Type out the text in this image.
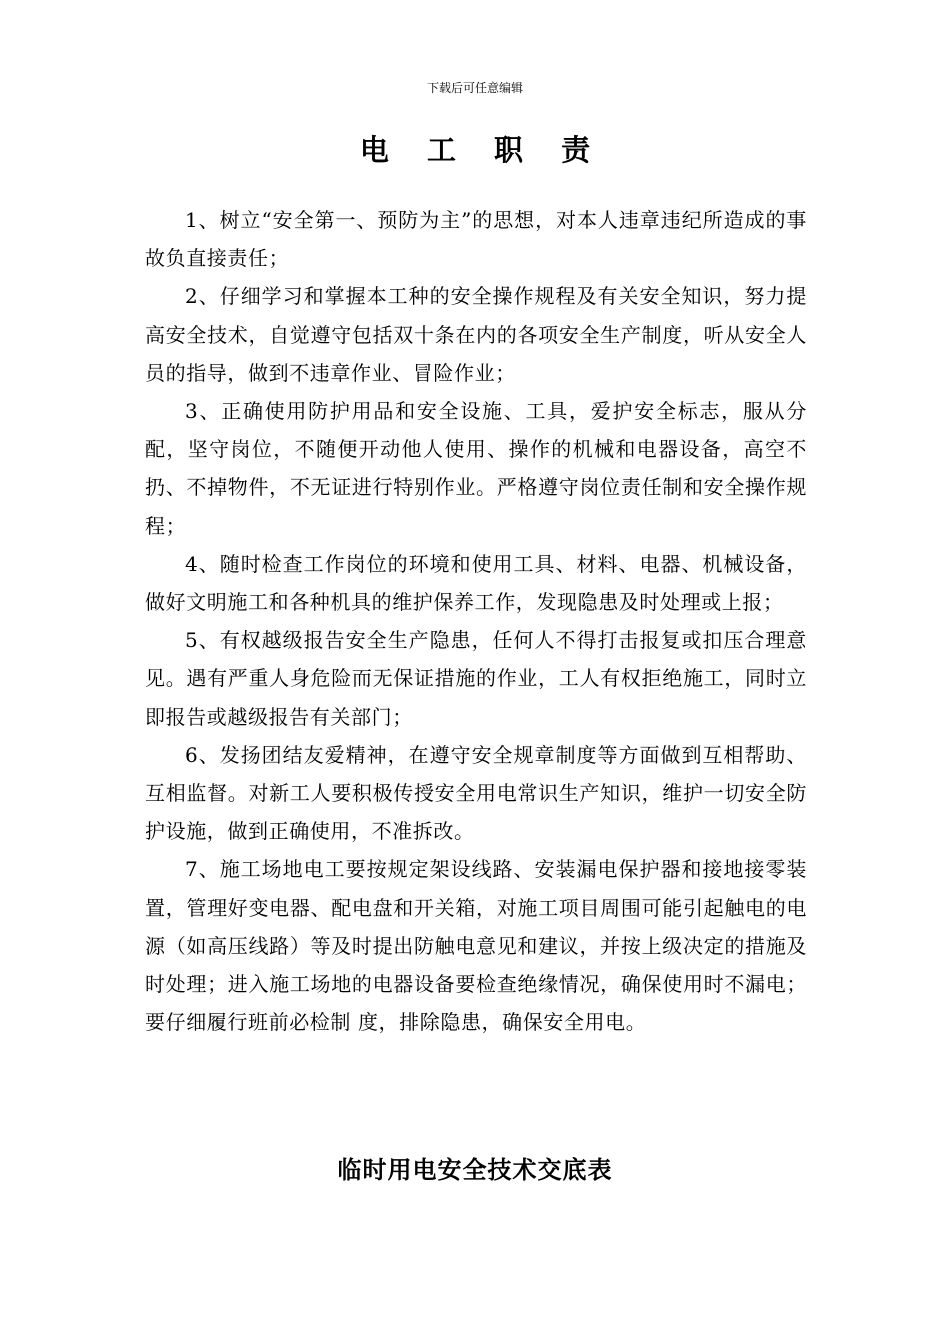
下载后可任意编辑
电 工 职 责

1、树立“安全第一、预防为主”的思想，对本人违章违纪所造成的事故负直接责任；

2、仔细学习和掌握本工种的安全操作规程及有关安全知识，努力提高安全技术，自觉遵守包括双十条在内的各项安全生产制度，听从安全人员的指导，做到不违章作业、冒险作业；

3、正确使用防护用品和安全设施、工具，爱护安全标志，服从分配，坚守岗位，不随便开动他人使用、操作的机械和电器设备，高空不扔、不掉物件，不无证进行特别作业。严格遵守岗位责任制和安全操作规程；

4、随时检查工作岗位的环境和使用工具、材料、电器、机械设备，做好文明施工和各种机具的维护保养工作，发现隐患及时处理或上报；

5、有权越级报告安全生产隐患，任何人不得打击报复或扣压合理意见。遇有严重人身危险而无保证措施的作业，工人有权拒绝施工，同时立即报告或越级报告有关部门；

6、发扬团结友爱精神，在遵守安全规章制度等方面做到互相帮助、互相监督。对新工人要积极传授安全用电常识生产知识，维护一切安全防护设施，做到正确使用，不准拆改。

7、施工场地电工要按规定架设线路、安装漏电保护器和接地接零装置，管理好变电器、配电盘和开关箱，对施工项目周围可能引起触电的电源（如高压线路）等及时提出防触电意见和建议，并按上级决定的措施及时处理；进入施工场地的电器设备要检查绝缘情况，确保使用时不漏电；要仔细履行班前必检制 度，排除隐患，确保安全用电。

临时用电安全技术交底表
